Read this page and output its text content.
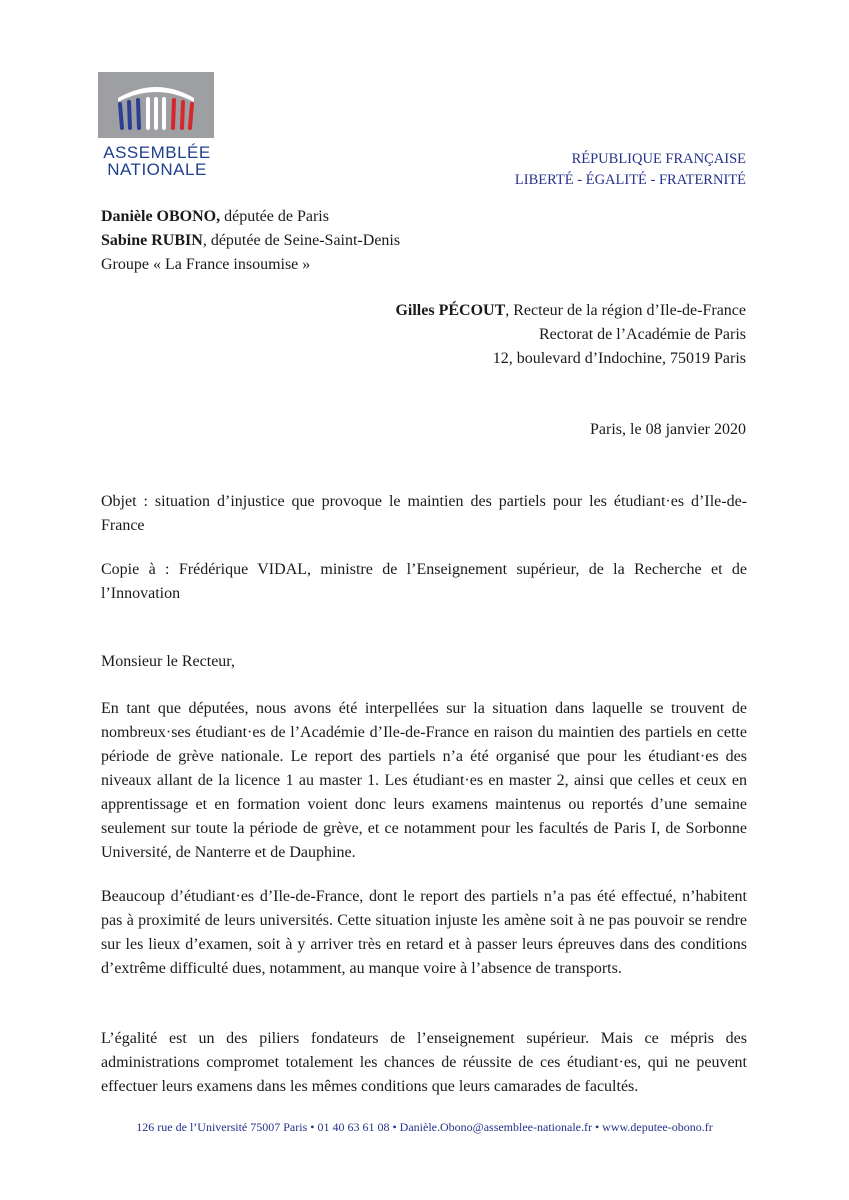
ASSEMBLÉE
NATIONALE
RÉPUBLIQUE FRANÇAISE
LIBERTÉ - ÉGALITÉ - FRATERNITÉ
Danièle OBONO, députée de Paris
Sabine RUBIN, députée de Seine-Saint-Denis
Groupe « La France insoumise »
Gilles PÉCOUT, Recteur de la région d’Ile-de-France
Rectorat de l’Académie de Paris
12, boulevard d’Indochine, 75019 Paris
Paris, le 08 janvier 2020

Objet : situation d’injustice que provoque le maintien des partiels pour les étudiant·es d’Ile-de-France

Copie à : Frédérique VIDAL, ministre de l’Enseignement supérieur, de la Recherche et de l’Innovation

Monsieur le Recteur,

En tant que députées, nous avons été interpellées sur la situation dans laquelle se trouvent de nombreux·ses étudiant·es de l’Académie d’Ile-de-France en raison du maintien des partiels en cette période de grève nationale. Le report des partiels n’a été organisé que pour les étudiant·es des niveaux allant de la licence 1 au master 1. Les étudiant·es en master 2, ainsi que celles et ceux en apprentissage et en formation voient donc leurs examens maintenus ou reportés d’une semaine seulement sur toute la période de grève, et ce notamment pour les facultés de Paris I, de Sorbonne Université, de Nanterre et de Dauphine.

Beaucoup d’étudiant·es d’Ile-de-France, dont le report des partiels n’a pas été effectué, n’habitent pas à proximité de leurs universités. Cette situation injuste les amène soit à ne pas pouvoir se rendre sur les lieux d’examen, soit à y arriver très en retard et à passer leurs épreuves dans des conditions d’extrême difficulté dues, notamment, au manque voire à l’absence de transports.

L’égalité est un des piliers fondateurs de l’enseignement supérieur. Mais ce mépris des administrations compromet totalement les chances de réussite de ces étudiant·es, qui ne peuvent effectuer leurs examens dans les mêmes conditions que leurs camarades de facultés.

126 rue de l’Université 75007 Paris • 01 40 63 61 08 • Danièle.Obono@assemblee-nationale.fr • www.deputee-obono.fr
